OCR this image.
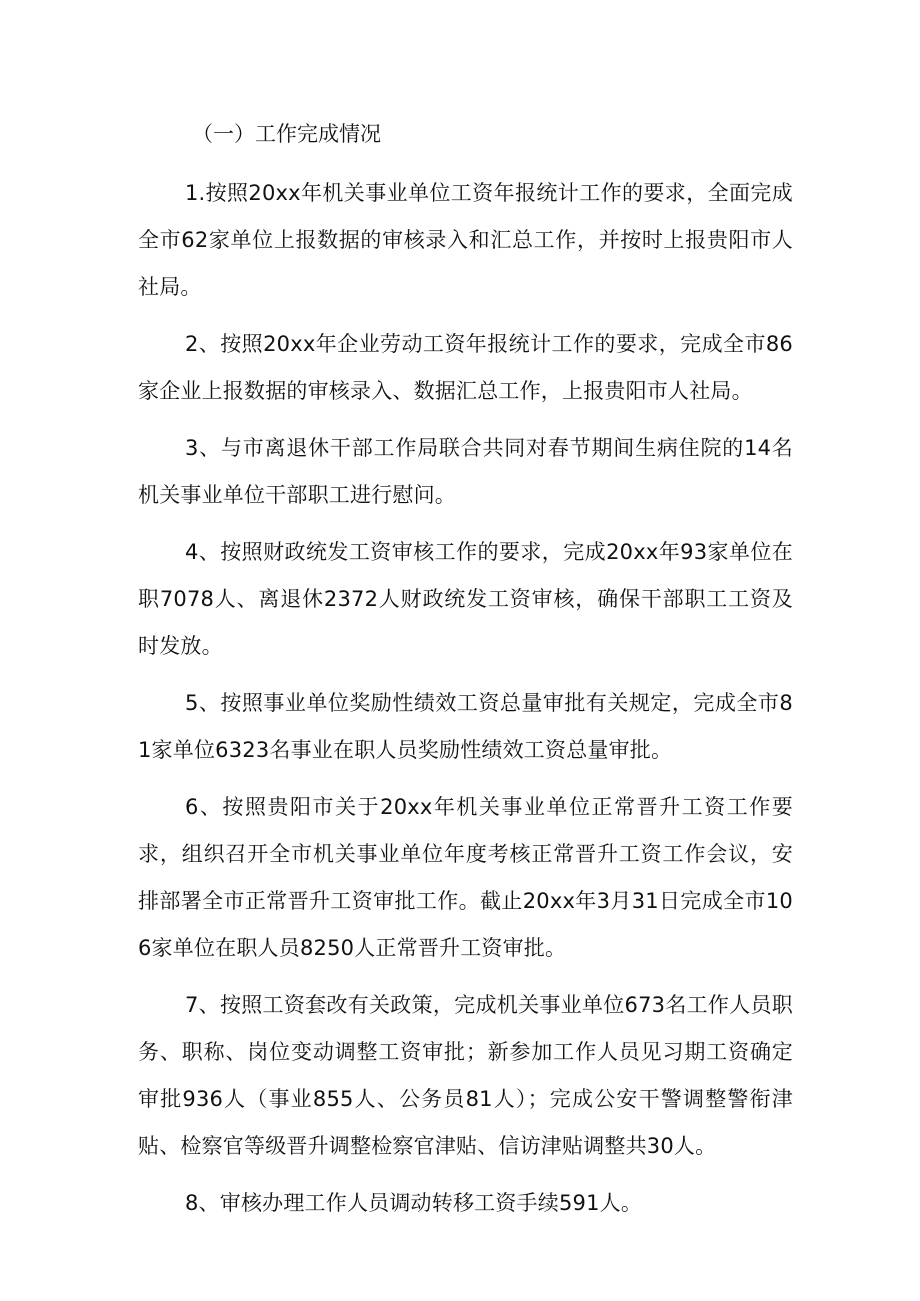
（一）工作完成情况

1.按照20xx年机关事业单位工资年报统计工作的要求，全面完成全市62家单位上报数据的审核录入和汇总工作，并按时上报贵阳市人社局。

2、按照20xx年企业劳动工资年报统计工作的要求，完成全市86家企业上报数据的审核录入、数据汇总工作，上报贵阳市人社局。

3、与市离退休干部工作局联合共同对春节期间生病住院的14名机关事业单位干部职工进行慰问。

4、按照财政统发工资审核工作的要求，完成20xx年93家单位在职7078人、离退休2372人财政统发工资审核，确保干部职工工资及时发放。

5、按照事业单位奖励性绩效工资总量审批有关规定，完成全市81家单位6323名事业在职人员奖励性绩效工资总量审批。

6、按照贵阳市关于20xx年机关事业单位正常晋升工资工作要求，组织召开全市机关事业单位年度考核正常晋升工资工作会议，安排部署全市正常晋升工资审批工作。截止20xx年3月31日完成全市106家单位在职人员8250人正常晋升工资审批。

7、按照工资套改有关政策，完成机关事业单位673名工作人员职务、职称、岗位变动调整工资审批；新参加工作人员见习期工资确定审批936人（事业855人、公务员81人）；完成公安干警调整警衔津贴、检察官等级晋升调整检察官津贴、信访津贴调整共30人。

8、审核办理工作人员调动转移工资手续591人。
